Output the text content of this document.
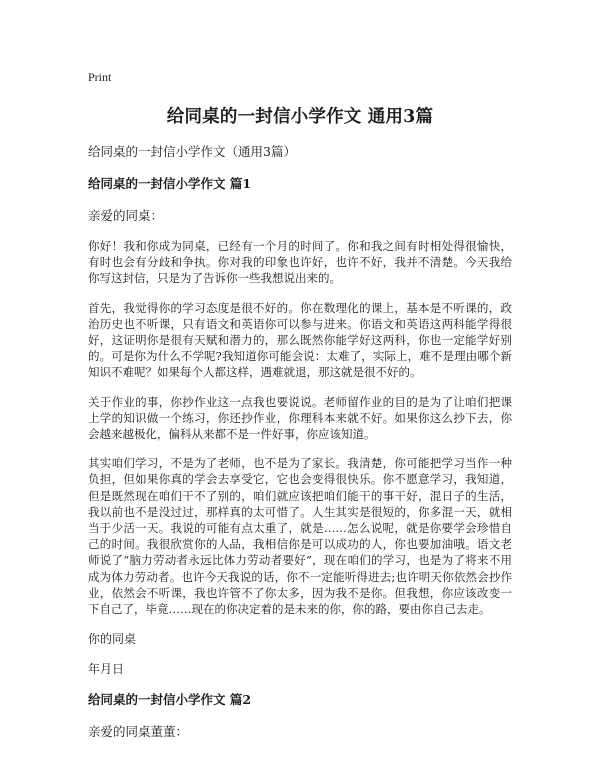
Print
给同桌的一封信小学作文 通用3篇
给同桌的一封信小学作文（通用3篇）
给同桌的一封信小学作文 篇1
亲爱的同桌：

你好！我和你成为同桌，已经有一个月的时间了。你和我之间有时相处得很愉快，有时也会有分歧和争执。你对我的印象也许好，也许不好，我并不清楚。今天我给你写这封信，只是为了告诉你一些我想说出来的。

首先，我觉得你的学习态度是很不好的。你在数理化的课上，基本是不听课的，政治历史也不听课，只有语文和英语你可以参与进来。你语文和英语这两科能学得很好，这证明你是很有天赋和潜力的，那么既然你能学好这两科，你也一定能学好别的。可是你为什么不学呢?我知道你可能会说：太难了，实际上，难不是理由哪个新知识不难呢？如果每个人都这样，遇难就退，那这就是很不好的。

关于作业的事，你抄作业这一点我也要说说。老师留作业的目的是为了让咱们把课上学的知识做一个练习，你还抄作业，你理科本来就不好。如果你这么抄下去，你会越来越极化，偏科从来都不是一件好事，你应该知道。

其实咱们学习，不是为了老师，也不是为了家长。我清楚，你可能把学习当作一种负担，但如果你真的学会去享受它，它也会变得很快乐。你不愿意学习，我知道，但是既然现在咱们干不了别的，咱们就应该把咱们能干的事干好，混日子的生活，我以前也不是没过过，那样真的太可惜了。人生其实是很短的，你多混一天，就相当于少活一天。我说的可能有点太重了，就是……怎么说呢，就是你要学会珍惜自己的时间。我很欣赏你的人品，我相信你是可以成功的人，你也要加油哦。语文老师说了“脑力劳动者永远比体力劳动者要好”，现在咱们的学习，也是为了将来不用成为体力劳动者。也许今天我说的话，你不一定能听得进去;也许明天你依然会抄作业，依然会不听课，我也许管不了你太多，因为我不是你。但我想，你应该改变一下自己了，毕竟……现在的你决定着的是未来的你，你的路，要由你自己去走。

你的同桌
年月日
给同桌的一封信小学作文 篇2
亲爱的同桌董董：
